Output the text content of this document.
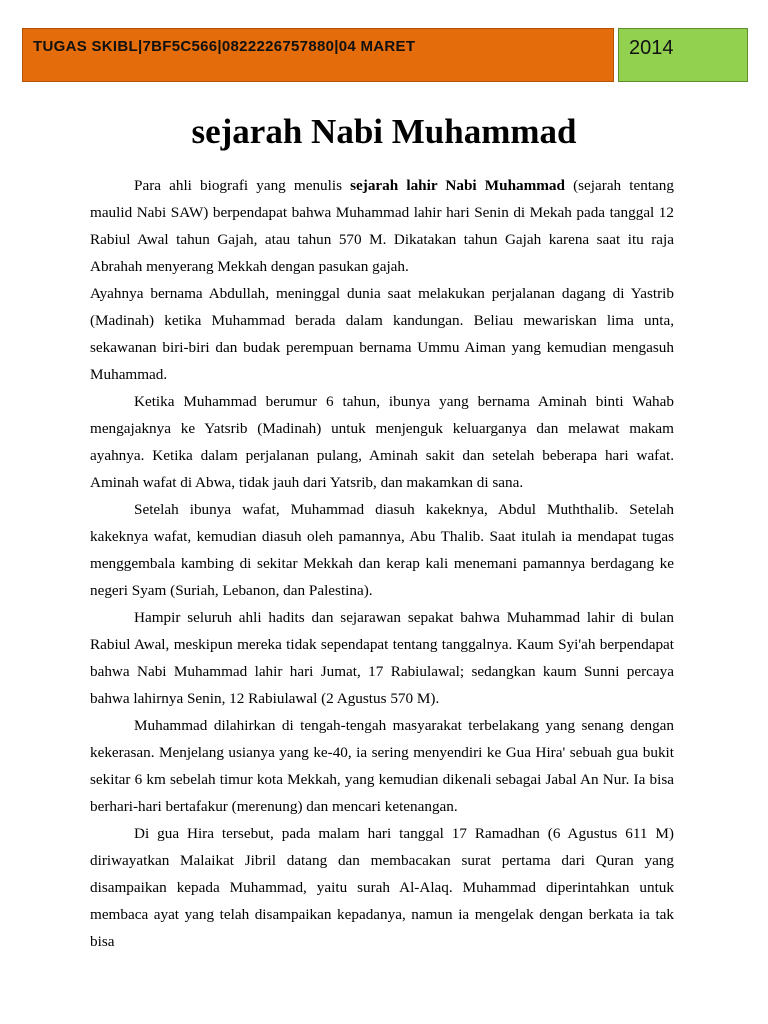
TUGAS SKIBL|7BF5C566|0822226757880|04 MARET	2014
sejarah Nabi Muhammad

Para ahli biografi yang menulis sejarah lahir Nabi Muhammad (sejarah tentang maulid Nabi SAW) berpendapat bahwa Muhammad lahir hari Senin di Mekah pada tanggal 12 Rabiul Awal tahun Gajah, atau tahun 570 M. Dikatakan tahun Gajah karena saat itu raja Abrahah menyerang Mekkah dengan pasukan gajah.

Ayahnya bernama Abdullah, meninggal dunia saat melakukan perjalanan dagang di Yastrib (Madinah) ketika Muhammad berada dalam kandungan. Beliau mewariskan lima unta, sekawanan biri-biri dan budak perempuan bernama Ummu Aiman yang kemudian mengasuh Muhammad.

Ketika Muhammad berumur 6 tahun, ibunya yang bernama Aminah binti Wahab mengajaknya ke Yatsrib (Madinah) untuk menjenguk keluarganya dan melawat makam ayahnya. Ketika dalam perjalanan pulang, Aminah sakit dan setelah beberapa hari wafat. Aminah wafat di Abwa, tidak jauh dari Yatsrib, dan makamkan di sana.

Setelah ibunya wafat, Muhammad diasuh kakeknya, Abdul Muththalib. Setelah kakeknya wafat, kemudian diasuh oleh pamannya, Abu Thalib. Saat itulah ia mendapat tugas menggembala kambing di sekitar Mekkah dan kerap kali menemani pamannya berdagang ke negeri Syam (Suriah, Lebanon, dan Palestina).

Hampir seluruh ahli hadits dan sejarawan sepakat bahwa Muhammad lahir di bulan Rabiul Awal, meskipun mereka tidak sependapat tentang tanggalnya. Kaum Syi'ah berpendapat bahwa Nabi Muhammad lahir hari Jumat, 17 Rabiulawal; sedangkan kaum Sunni percaya bahwa lahirnya Senin, 12 Rabiulawal (2 Agustus 570 M).

Muhammad dilahirkan di tengah-tengah masyarakat terbelakang yang senang dengan kekerasan. Menjelang usianya yang ke-40, ia sering menyendiri ke Gua Hira' sebuah gua bukit sekitar 6 km sebelah timur kota Mekkah, yang kemudian dikenali sebagai Jabal An Nur. Ia bisa berhari-hari bertafakur (merenung) dan mencari ketenangan.

Di gua Hira tersebut, pada malam hari tanggal 17 Ramadhan (6 Agustus 611 M) diriwayatkan Malaikat Jibril datang dan membacakan surat pertama dari Quran yang disampaikan kepada Muhammad, yaitu surah Al-Alaq. Muhammad diperintahkan untuk membaca ayat yang telah disampaikan kepadanya, namun ia mengelak dengan berkata ia tak bisa
